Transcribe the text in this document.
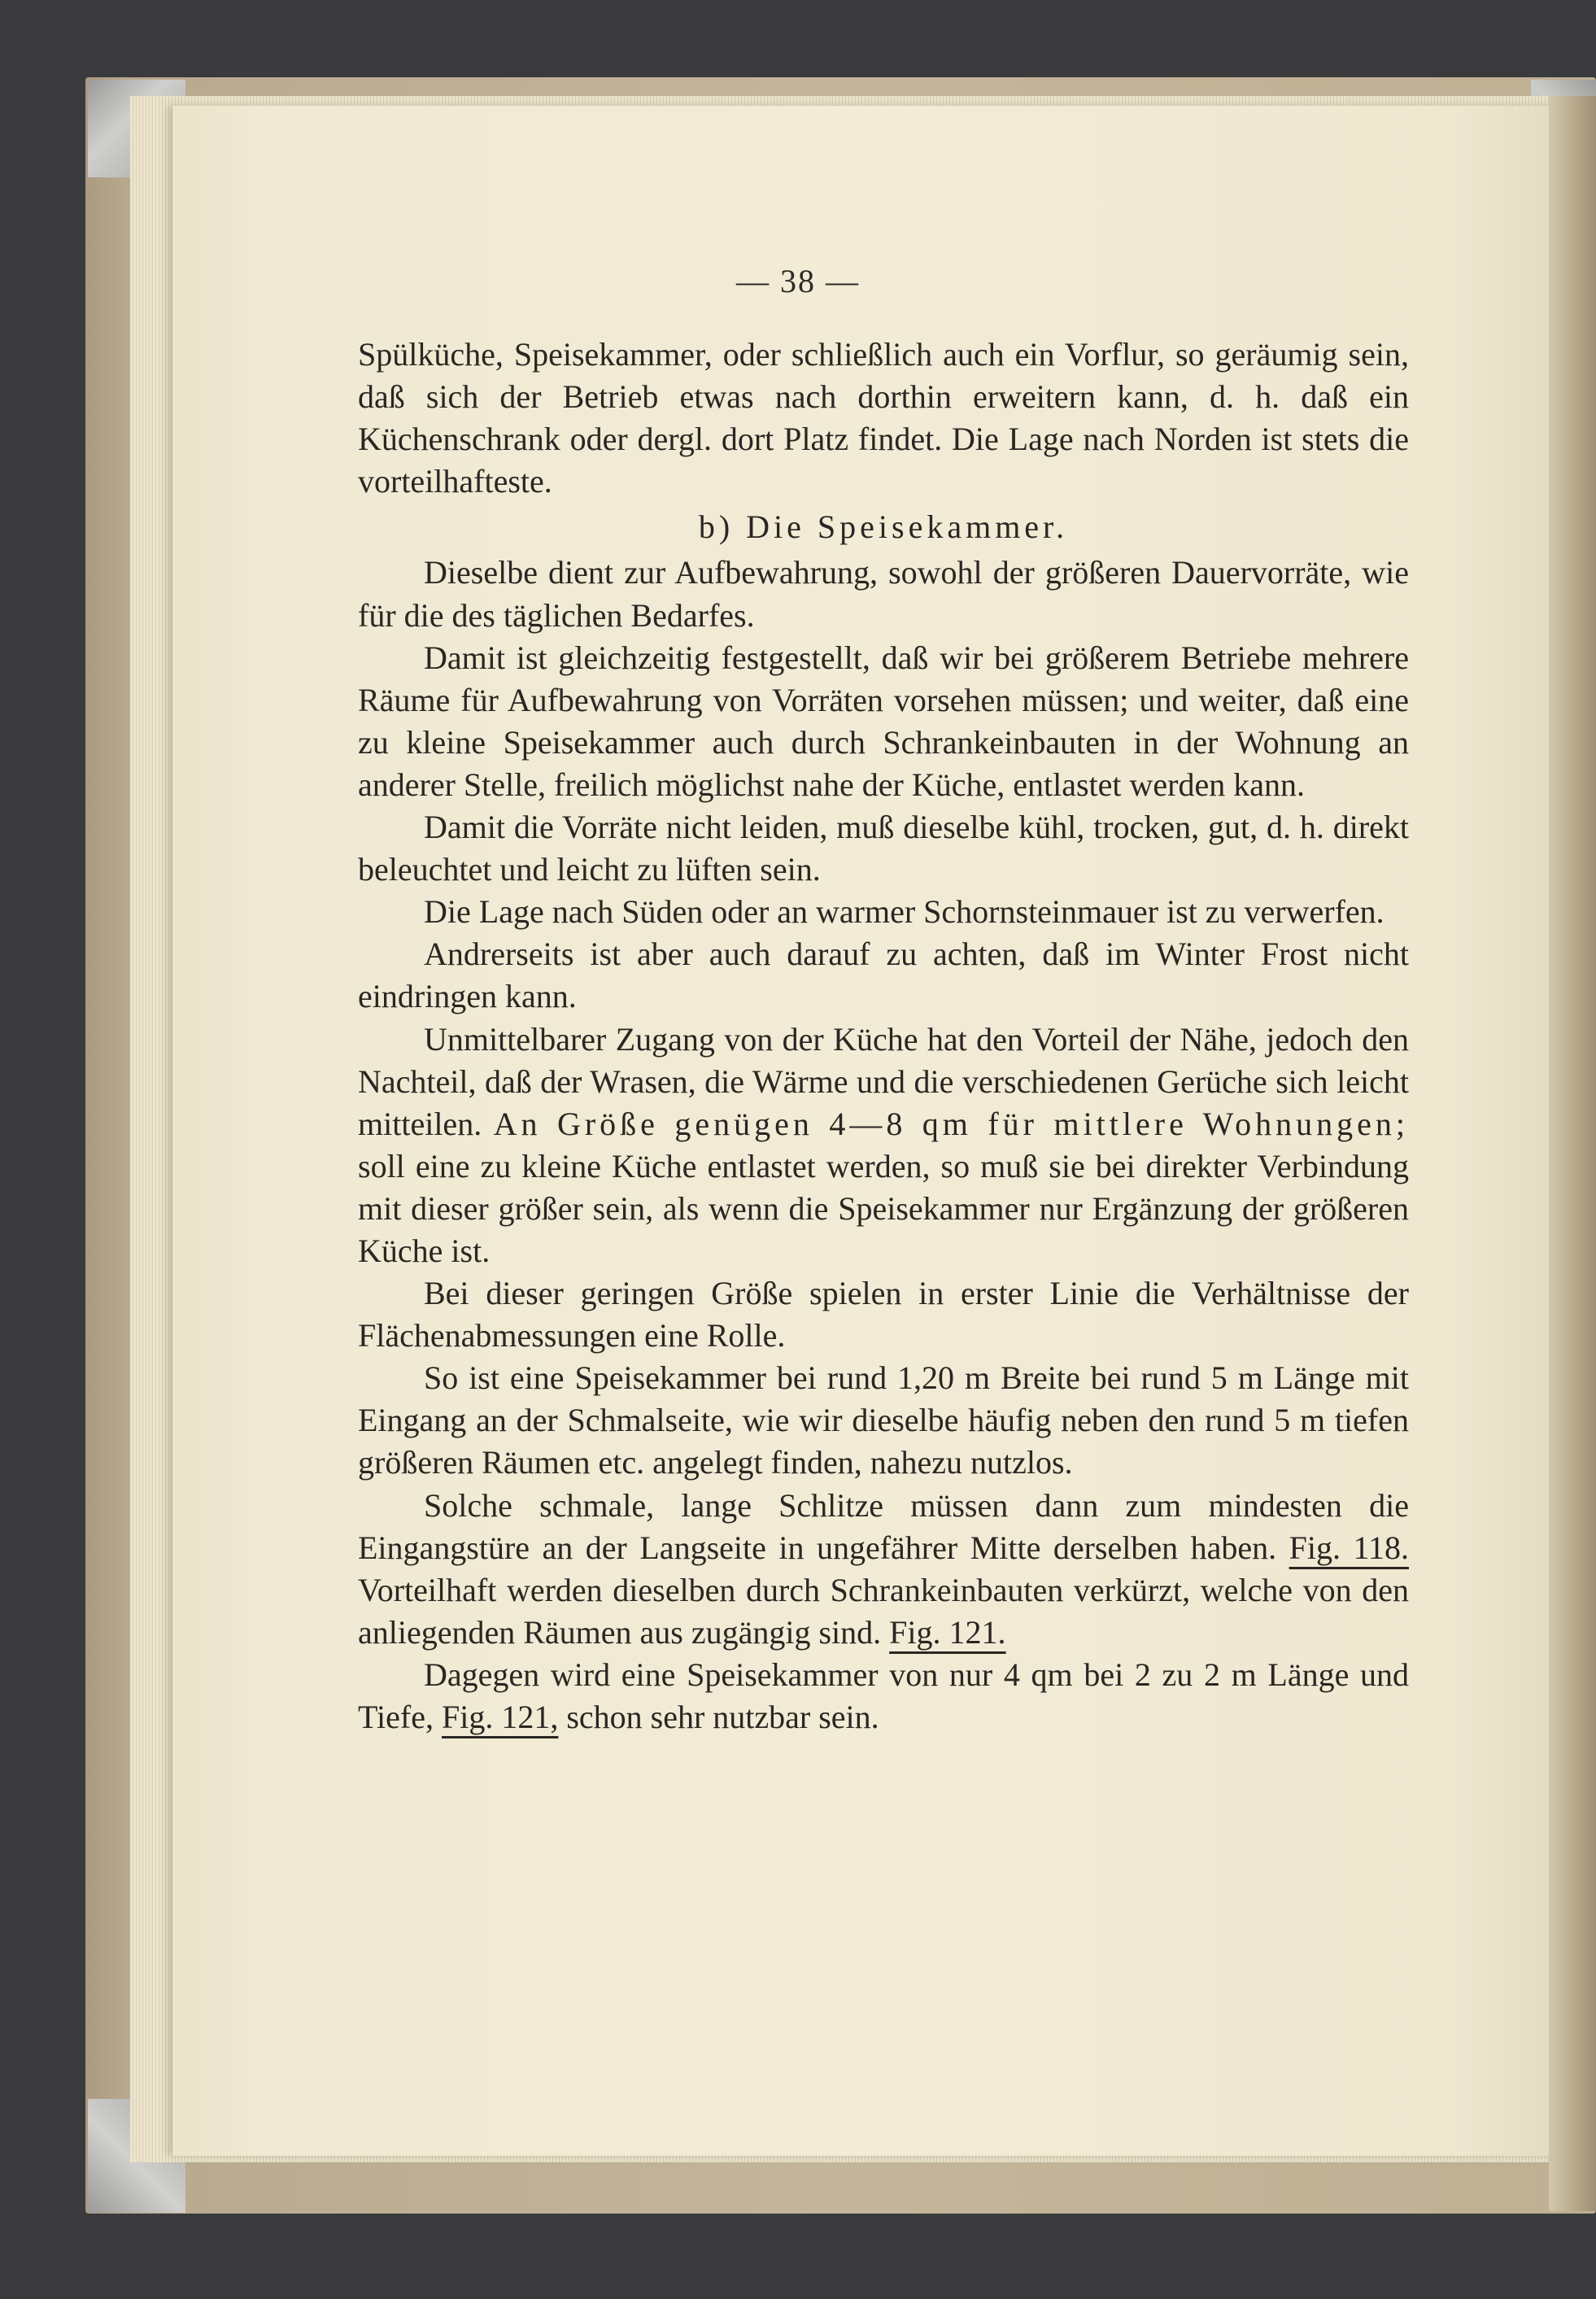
— 38 —

Spülküche, Speisekammer, oder schließlich auch ein Vorflur, so geräumig sein, daß sich der Betrieb etwas nach dorthin erweitern kann, d. h. daß ein Küchenschrank oder dergl. dort Platz findet. Die Lage nach Norden ist stets die vorteilhafteste.

b) Die Speisekammer.

Dieselbe dient zur Aufbewahrung, sowohl der größeren Dauervorräte, wie für die des täglichen Bedarfes.

Damit ist gleichzeitig festgestellt, daß wir bei größerem Betriebe mehrere Räume für Aufbewahrung von Vorräten vorsehen müssen; und weiter, daß eine zu kleine Speisekammer auch durch Schrankeinbauten in der Wohnung an anderer Stelle, freilich möglichst nahe der Küche, entlastet werden kann.

Damit die Vorräte nicht leiden, muß dieselbe kühl, trocken, gut, d. h. direkt beleuchtet und leicht zu lüften sein.

Die Lage nach Süden oder an warmer Schornsteinmauer ist zu verwerfen.

Andrerseits ist aber auch darauf zu achten, daß im Winter Frost nicht eindringen kann.

Unmittelbarer Zugang von der Küche hat den Vorteil der Nähe, jedoch den Nachteil, daß der Wrasen, die Wärme und die verschiedenen Gerüche sich leicht mitteilen. An Größe genügen 4—8 qm für mittlere Wohnungen; soll eine zu kleine Küche entlastet werden, so muß sie bei direkter Verbindung mit dieser größer sein, als wenn die Speisekammer nur Ergänzung der größeren Küche ist.

Bei dieser geringen Größe spielen in erster Linie die Verhältnisse der Flächenabmessungen eine Rolle.

So ist eine Speisekammer bei rund 1,20 m Breite bei rund 5 m Länge mit Eingang an der Schmalseite, wie wir dieselbe häufig neben den rund 5 m tiefen größeren Räumen etc. angelegt finden, nahezu nutzlos.

Solche schmale, lange Schlitze müssen dann zum mindesten die Eingangstüre an der Langseite in ungefährer Mitte derselben haben. Fig. 118. Vorteilhaft werden dieselben durch Schrankeinbauten verkürzt, welche von den anliegenden Räumen aus zugängig sind. Fig. 121.

Dagegen wird eine Speisekammer von nur 4 qm bei 2 zu 2 m Länge und Tiefe, Fig. 121, schon sehr nutzbar sein.
